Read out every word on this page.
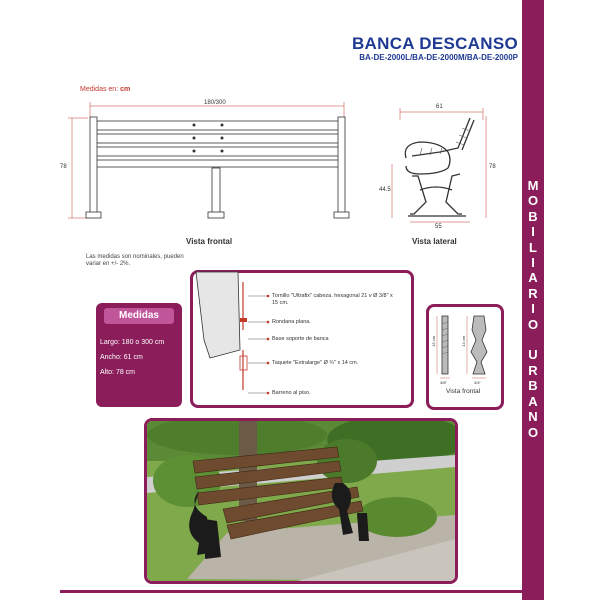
BANCA DESCANSO
BA-DE-2000L/BA-DE-2000M/BA-DE-2000P
M
O
B
I
L
I
A
R
I
O

U
R
B
A
N
O
Medidas en: cm
180/300
78
Vista frontal
61
44.5
78
55
Vista lateral
Las medidas son nominales, pueden variar en +/- 2%.
Medidas
Largo: 180 o 300 cm
Ancho: 61 cm
Alto: 78 cm
Tornillo "Ultrafix" cabeza. hexagonal 21 v Ø 3/8" x 15 cm.
Rondana plana.
Base soporte de banca
Taquete "Extralarge" Ø ¾" x 14 cm.
Barreno al piso.
15 cm	14 cm
3/8"	3/4"
Vista frontal
